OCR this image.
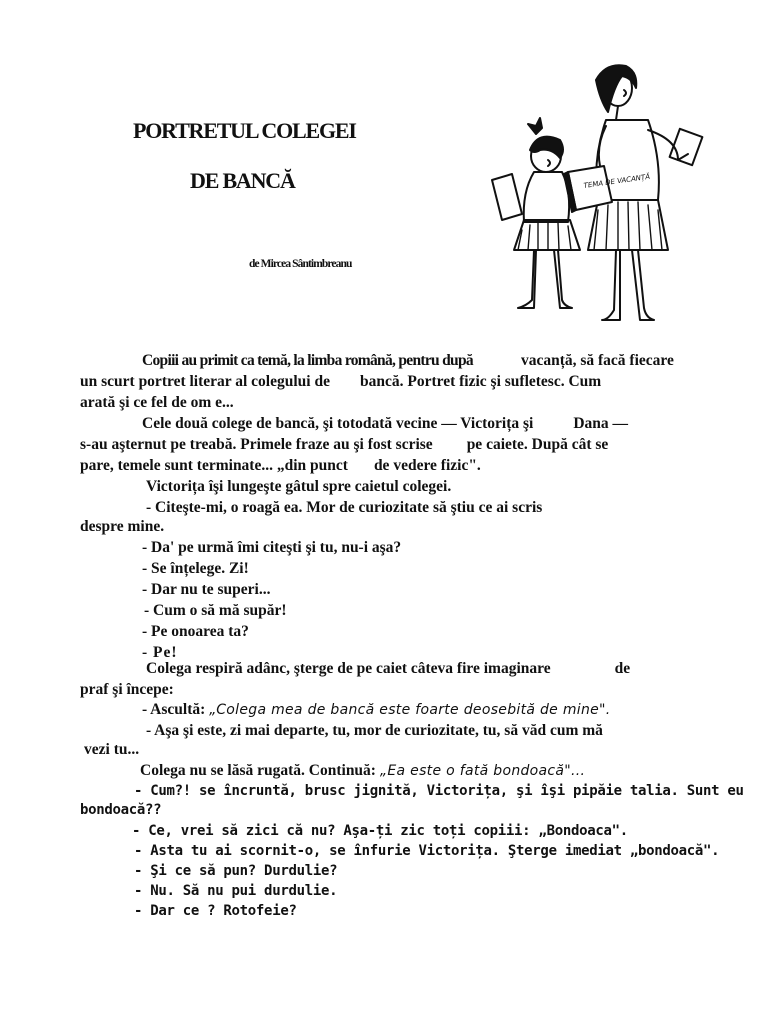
PORTRETUL COLEGEI
DE BANCĂ
de Mircea Sântimbreanu
TEMA DE VACANȚĂ
Copiii au primit ca temă, la limba română, pentru după	vacanță, să facă fiecare
un scurt portret literar al colegului de bancă. Portret fizic şi sufletesc. Cum
arată şi ce fel de om e...
Cele două colege de bancă, şi totodată vecine — Victorița şi	Dana —
s-au aşternut pe treabă. Primele fraze au şi fost scrise pe caiete. După cât se
pare, temele sunt terminate... „din punct de vedere fizic".
Victorița îşi lungeşte gâtul spre caietul colegei.
- Citeşte-mi, o roagă ea. Mor de curiozitate să ştiu ce ai scris
despre mine.
- Da' pe urmă îmi citeşti şi tu, nu-i aşa?
- Se înțelege. Zi!
- Dar nu te superi...
- Cum o să mă supăr!
- Pe onoarea ta?
- Pe!
Colega respiră adânc, şterge de pe caiet câteva fire imaginare	de
praf şi începe:
- Ascultă: „Colega mea de bancă este foarte deosebită de mine".
- Aşa şi este, zi mai departe, tu, mor de curiozitate, tu, să văd cum mă
vezi tu...
Colega nu se lăsă rugată. Continuă: „Ea este o fată bondoacă"...
- Cum?! se încruntă, brusc jignită, Victorița, şi îşi pipăie talia. Sunt eu
bondoacă??
- Ce, vrei să zici că nu? Aşa-ți zic toți copiii: „Bondoaca".
- Asta tu ai scornit-o, se înfurie Victorița. Şterge imediat „bondoacă".
- Şi ce să pun? Durdulie?
- Nu. Să nu pui durdulie.
- Dar ce ? Rotofeie?
